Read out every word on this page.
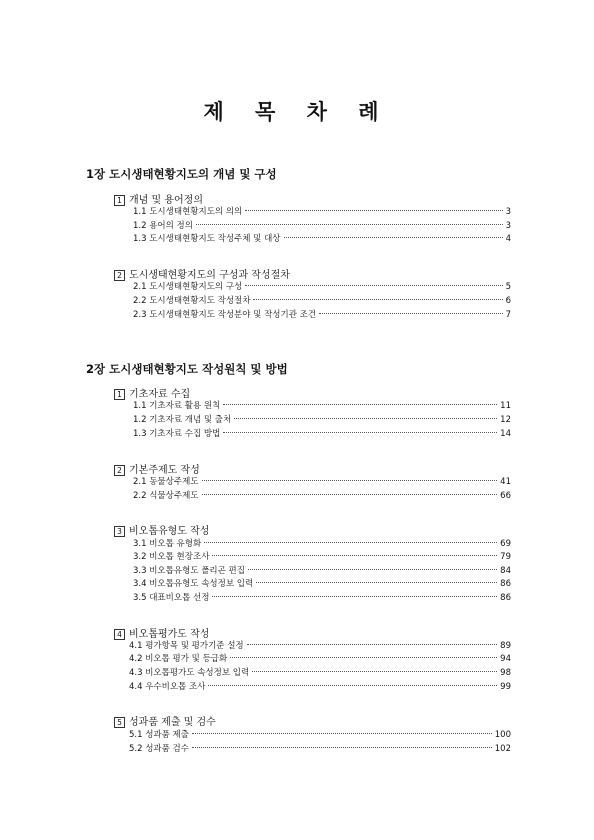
제 목 차 례
1장 도시생태현황지도의 개념 및 구성
1 개념 및 용어정의
1.1 도시생태현황지도의 의의	3
1.2 용어의 정의	3
1.3 도시생태현황지도 작성주체 및 대상	4
2 도시생태현황지도의 구성과 작성절차
2.1 도시생태현황지도의 구성	5
2.2 도시생태현황지도 작성절차	6
2.3 도시생태현황지도 작성분야 및 작성기관 조건	7
2장 도시생태현황지도 작성원칙 및 방법
1 기초자료 수집
1.1 기초자료 활용 원칙	11
1.2 기초자료 개념 및 출처	12
1.3 기초자료 수집 방법	14
2 기본주제도 작성
2.1 동물상주제도	41
2.2 식물상주제도	66
3 비오톱유형도 작성
3.1 비오톱 유형화	69
3.2 비오톱 현장조사	79
3.3 비오톱유형도 폴리곤 편집	84
3.4 비오톱유형도 속성정보 입력	86
3.5 대표비오톱 선정	86
4 비오톱평가도 작성
4.1 평가항목 및 평가기준 설정	89
4.2 비오톱 평가 및 등급화	94
4.3 비오톱평가도 속성정보 입력	98
4.4 우수비오톱 조사	99
5 성과품 제출 및 검수
5.1 성과품 제출	100
5.2 성과품 검수	102
